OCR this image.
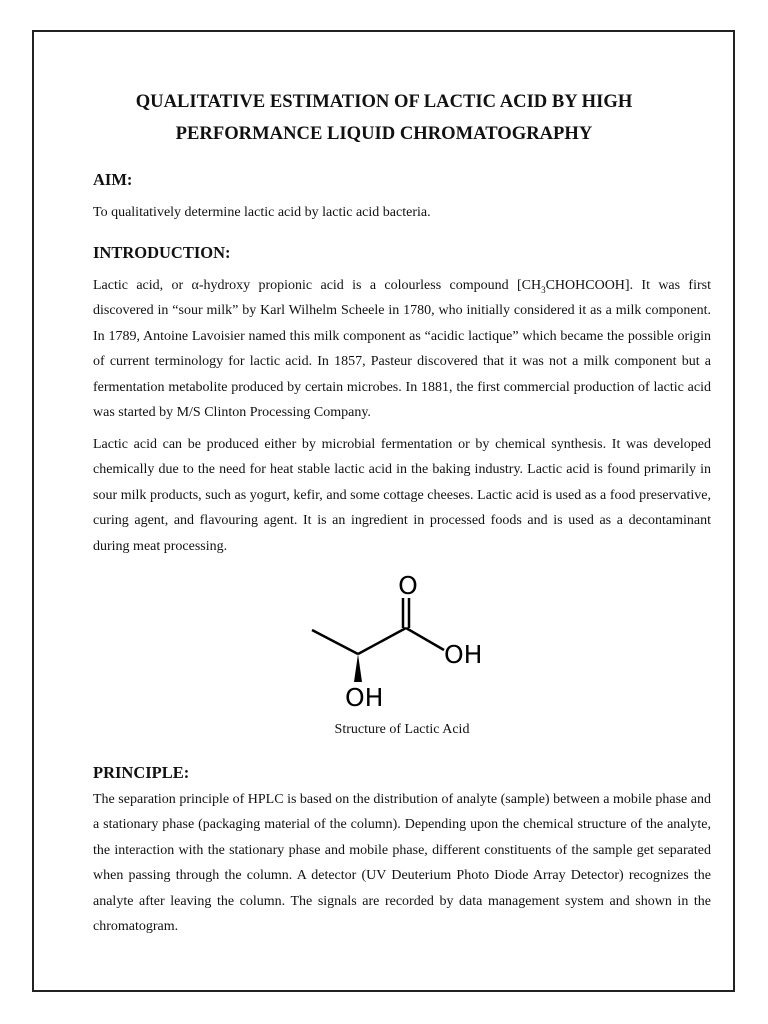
QUALITATIVE ESTIMATION OF LACTIC ACID BY HIGH
PERFORMANCE LIQUID CHROMATOGRAPHY
AIM:

To qualitatively determine lactic acid by lactic acid bacteria.

INTRODUCTION:

Lactic acid, or α-hydroxy propionic acid is a colourless compound $[CH_3CHOHCOOH]$. It was first discovered in “sour milk” by Karl Wilhelm Scheele in 1780, who initially considered it as a milk component. In 1789, Antoine Lavoisier named this milk component as “acidic lactique” which became the possible origin of current terminology for lactic acid. In 1857, Pasteur discovered that it was not a milk component but a fermentation metabolite produced by certain microbes. In 1881, the first commercial production of lactic acid was started by M/S Clinton Processing Company.

Lactic acid can be produced either by microbial fermentation or by chemical synthesis. It was developed chemically due to the need for heat stable lactic acid in the baking industry. Lactic acid is found primarily in sour milk products, such as yogurt, kefir, and some cottage cheeses. Lactic acid is used as a food preservative, curing agent, and flavouring agent. It is an ingredient in processed foods and is used as a decontaminant during meat processing.

O
OH
OH

Structure of Lactic Acid

PRINCIPLE:

The separation principle of HPLC is based on the distribution of analyte (sample) between a mobile phase and a stationary phase (packaging material of the column). Depending upon the chemical structure of the analyte, the interaction with the stationary phase and mobile phase, different constituents of the sample get separated when passing through the column. A detector (UV Deuterium Photo Diode Array Detector) recognizes the analyte after leaving the column. The signals are recorded by data management system and shown in the chromatogram.
